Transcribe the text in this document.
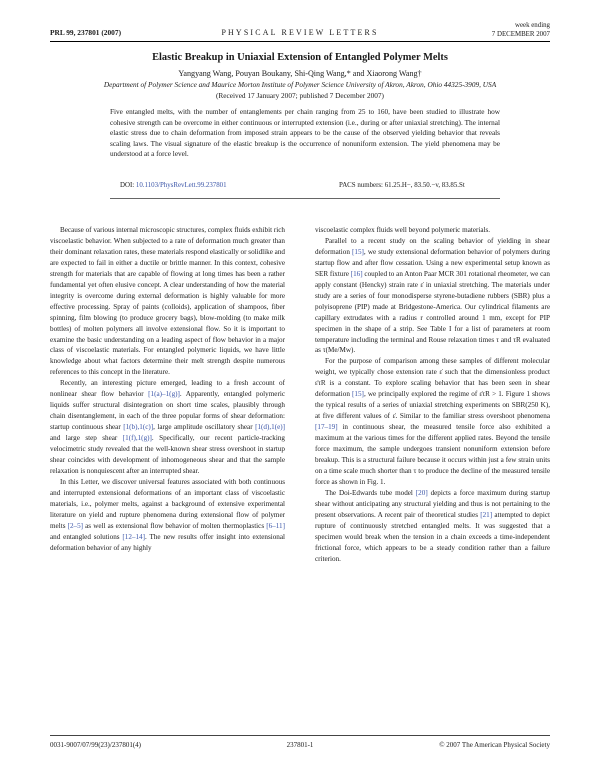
PRL 99, 237801 (2007)	PHYSICAL REVIEW LETTERS
week ending
7 DECEMBER 2007
Elastic Breakup in Uniaxial Extension of Entangled Polymer Melts
Yangyang Wang, Pouyan Boukany, Shi-Qing Wang,* and Xiaorong Wang†
Department of Polymer Science and Maurice Morton Institute of Polymer Science University of Akron, Akron, Ohio 44325-3909, USA
(Received 17 January 2007; published 7 December 2007)
Five entangled melts, with the number of entanglements per chain ranging from 25 to 160, have been studied to illustrate how cohesive strength can be overcome in either continuous or interrupted extension (i.e., during or after uniaxial stretching). The internal elastic stress due to chain deformation from imposed strain appears to be the cause of the observed yielding behavior that reveals scaling laws. The visual signature of the elastic breakup is the occurrence of nonuniform extension. The yield phenomena may be understood at a force level.
DOI: 10.1103/PhysRevLett.99.237801	PACS numbers: 61.25.H−, 83.50.−v, 83.85.St

Because of various internal microscopic structures, complex fluids exhibit rich viscoelastic behavior. When subjected to a rate of deformation much greater than their dominant relaxation rates, these materials respond elastically or solidlike and are expected to fail in either a ductile or brittle manner. In this context, cohesive strength for materials that are capable of flowing at long times has been a rather fundamental yet often elusive concept. A clear understanding of how the material integrity is overcome during external deformation is highly valuable for more effective processing. Spray of paints (colloids), application of shampoos, fiber spinning, film blowing (to produce grocery bags), blow-molding (to make milk bottles) of molten polymers all involve extensional flow. So it is important to examine the basic understanding on a leading aspect of flow behavior in a major class of viscoelastic materials. For entangled polymeric liquids, we have little knowledge about what factors determine their melt strength despite numerous references to this concept in the literature.

Recently, an interesting picture emerged, leading to a fresh account of nonlinear shear flow behavior [1(a)–1(g)]. Apparently, entangled polymeric liquids suffer structural disintegration on short time scales, plausibly through chain disentanglement, in each of the three popular forms of shear deformation: startup continuous shear [1(b),1(c)], large amplitude oscillatory shear [1(d),1(e)] and large step shear [1(f),1(g)]. Specifically, our recent particle-tracking velocimetric study revealed that the well-known shear stress overshoot in startup shear coincides with development of inhomogeneous shear and that the sample relaxation is nonquiescent after an interrupted shear.

In this Letter, we discover universal features associated with both continuous and interrupted extensional deformations of an important class of viscoelastic materials, i.e., polymer melts, against a background of extensive experimental literature on yield and rupture phenomena during extensional flow of polymer melts [2–5] as well as extensional flow behavior of molten thermoplastics [6–11] and entangled solutions [12–14]. The new results offer insight into extensional deformation behavior of any highly

viscoelastic complex fluids well beyond polymeric materials.

Parallel to a recent study on the scaling behavior of yielding in shear deformation [15], we study extensional deformation behavior of polymers during startup flow and after flow cessation. Using a new experimental setup known as SER fixture [16] coupled to an Anton Paar MCR 301 rotational rheometer, we can apply constant (Hencky) strain rate ε̇ in uniaxial stretching. The materials under study are a series of four monodisperse styrene-butadiene rubbers (SBR) plus a polyisoprene (PIP) made at Bridgestone-America. Our cylindrical filaments are capillary extrudates with a radius r controlled around 1 mm, except for PIP specimen in the shape of a strip. See Table I for a list of parameters at room temperature including the terminal and Rouse relaxation times τ and τR evaluated as τ(Me/Mw).

For the purpose of comparison among these samples of different molecular weight, we typically chose extension rate ε̇ such that the dimensionless product ε̇τR is a constant. To explore scaling behavior that has been seen in shear deformation [15], we principally explored the regime of ε̇τR > 1. Figure 1 shows the typical results of a series of uniaxial stretching experiments on SBR(250 K), at five different values of ε̇. Similar to the familiar stress overshoot phenomena [17–19] in continuous shear, the measured tensile force also exhibited a maximum at the various times for the different applied rates. Beyond the tensile force maximum, the sample undergoes transient nonuniform extension before breakup. This is a structural failure because it occurs within just a few strain units on a time scale much shorter than τ to produce the decline of the measured tensile force as shown in Fig. 1.

The Doi-Edwards tube model [20] depicts a force maximum during startup shear without anticipating any structural yielding and thus is not pertaining to the present observations. A recent pair of theoretical studies [21] attempted to depict rupture of continuously stretched entangled melts. It was suggested that a specimen would break when the tension in a chain exceeds a time-independent frictional force, which appears to be a steady condition rather than a failure criterion.

0031-9007/07/99(23)/237801(4)	237801-1	© 2007 The American Physical Society
